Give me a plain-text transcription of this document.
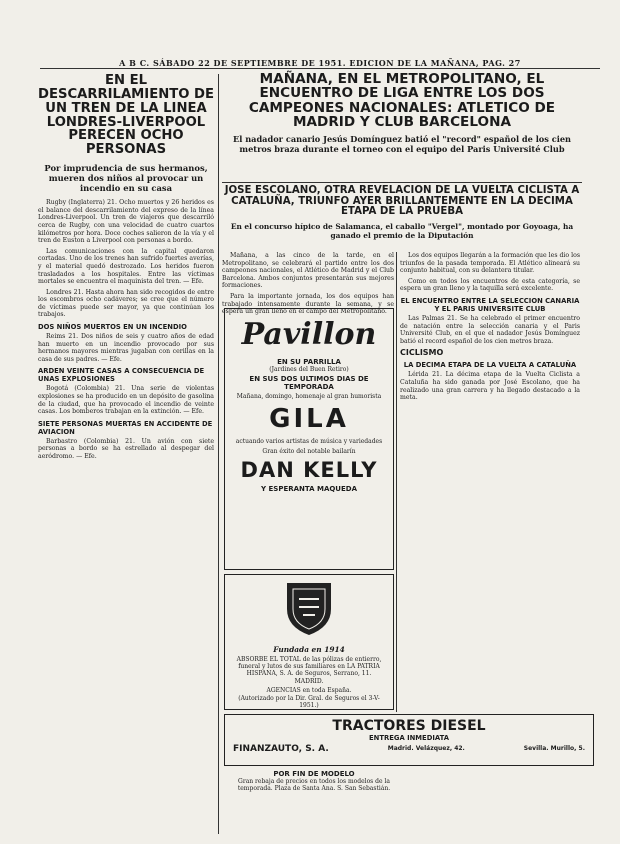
A B C. SÁBADO 22 DE SEPTIEMBRE DE 1951. EDICION DE LA MAÑANA, PAG. 27
EN EL DESCARRILAMIENTO DE UN TREN DE LA LINEA LONDRES-LIVERPOOL PERECEN OCHO PERSONAS
Por imprudencia de sus hermanos, mueren dos niños al provocar un incendio en su casa

Rugby (Inglaterra) 21. Ocho muertos y 26 heridos es el balance del descarrilamiento del expreso de la línea Londres-Liverpool. Un tren de viajeros que descarriló cerca de Rugby, con una velocidad de cuatro cuartos kilómetros por hora. Doce coches salieron de la vía y el tren de Euston a Liverpool con personas a bordo.

Las comunicaciones con la capital quedaron cortadas. Uno de los trenes han sufrido fuertes averías, y el material quedó destrozado. Los heridos fueron trasladados a los hospitales. Entre las víctimas mortales se encuentra el maquinista del tren. — Efe.

Londres 21. Hasta ahora han sido recogidos de entre los escombros ocho cadáveres; se cree que el número de víctimas puede ser mayor, ya que continúan los trabajos.

DOS NIÑOS MUERTOS EN UN INCENDIO

Reims 21. Dos niños de seis y cuatro años de edad han muerto en un incendio provocado por sus hermanos mayores mientras jugaban con cerillas en la casa de sus padres. — Efe.

ARDEN VEINTE CASAS A CONSECUENCIA DE UNAS EXPLOSIONES

Bogotá (Colombia) 21. Una serie de violentas explosiones se ha producido en un depósito de gasolina de la ciudad, que ha provocado el incendio de veinte casas. Los bomberos trabajan en la extinción. — Efe.

SIETE PERSONAS MUERTAS EN ACCIDENTE DE AVIACION

Barbastro (Colombia) 21. Un avión con siete personas a bordo se ha estrellado al despegar del aeródromo. — Efe.

MAÑANA, EN EL METROPOLITANO, EL ENCUENTRO DE LIGA ENTRE LOS DOS CAMPEONES NACIONALES: ATLETICO DE MADRID Y CLUB BARCELONA
El nadador canario Jesús Domínguez batió el "record" español de los cien metros braza durante el torneo con el equipo del Paris Université Club
JOSE ESCOLANO, OTRA REVELACION DE LA VUELTA CICLISTA A CATALUÑA, TRIUNFO AYER BRILLANTEMENTE EN LA DECIMA ETAPA DE LA PRUEBA
En el concurso hípico de Salamanca, el caballo "Vergel", montado por Goyoaga, ha ganado el premio de la Diputación

Mañana, a las cinco de la tarde, en el Metropolitano, se celebrará el partido entre los dos campeones nacionales, el Atlético de Madrid y el Club Barcelona. Ambos conjuntos presentarán sus mejores formaciones.

Para la importante jornada, los dos equipos han trabajado intensamente durante la semana, y se espera un gran lleno en el campo del Metropolitano.

Pavillon
EN SU PARRILLA
(Jardines del Buen Retiro)
EN SUS DOS ULTIMOS DIAS DE TEMPORADA
Mañana, domingo, homenaje al gran humorista
GILA
actuando varios artistas de música y variedades
Gran éxito del notable bailarín
DAN KELLY
Y ESPERANTA MAQUEDA
Fundada en 1914
ABSORBE EL TOTAL de las pólizas de entierro, funeral y lutos de sus familiares en LA PATRIA HISPANA, S. A. de Seguros, Serrano, 11. MADRID.
AGENCIAS en toda España.
(Autorizado por la Dir. Gral. de Seguros el 3-V-1951.)
TRACTORES DIESEL
ENTREGA INMEDIATA
FINANZAUTO, S. A.	Madrid. Velázquez, 42.	Sevilla. Murillo, 5.
POR FIN DE MODELO
Gran rebaja de precios en todos los modelos de la temporada. Plaza de Santa Ana. S. San Sebastián.

Los dos equipos llegarán a la formación que les dio los triunfos de la pasada temporada. El Atlético alineará su conjunto habitual, con su delantera titular.

Como en todos los encuentros de esta categoría, se espera un gran lleno y la taquilla será excelente.

EL ENCUENTRO ENTRE LA SELECCION CANARIA Y EL PARIS UNIVERSITE CLUB

Las Palmas 21. Se ha celebrado el primer encuentro de natación entre la selección canaria y el Paris Université Club, en el que el nadador Jesús Domínguez batió el record español de los cien metros braza.

CICLISMO
LA DECIMA ETAPA DE LA VUELTA A CATALUÑA

Lérida 21. La décima etapa de la Vuelta Ciclista a Cataluña ha sido ganada por José Escolano, que ha realizado una gran carrera y ha llegado destacado a la meta.
